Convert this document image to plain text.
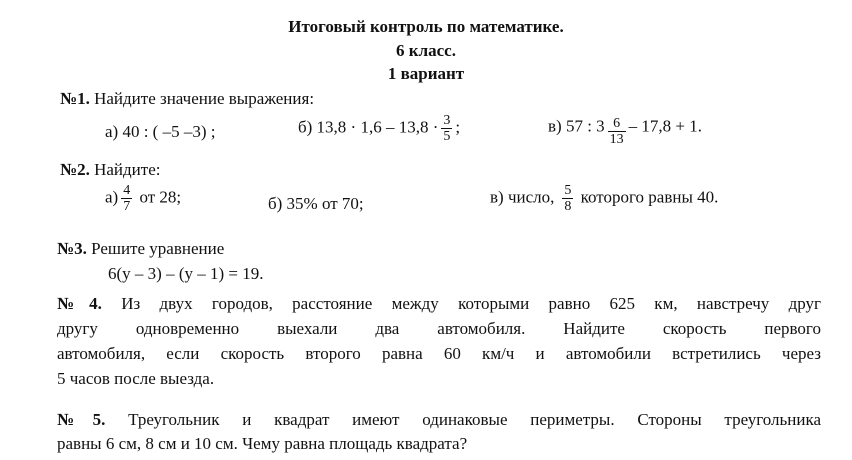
Итоговый контроль по математике.
6 класс.
1 вариант
№1. Найдите значение выражения:
а) 40 : ( –5 –3) ;	б) $13,8 \cdot 1,6 - 13,8 \cdot \frac{3}{5}$ ;	в) 57 : $3 \frac{6}{13} - 17,8 + 1$.
№2. Найдите:
$а) \frac{4}{7}$ от 28;	б) 35% от 70;	в) число, $\frac{5}{8}$ которого равны 40.
№3. Решите уравнение
6(y – 3) – (y – 1) = 19.
№4. Из двух городов, расстояние между которыми равно 625 км, навстречу друг
другу одновременно выехали два автомобиля. Найдите скорость первого
автомобиля, если скорость второго равна 60 км/ч и автомобили встретились через
5 часов после выезда.
№5. Треугольник и квадрат имеют одинаковые периметры. Стороны треугольника
равны 6 см, 8 см и 10 см. Чему равна площадь квадрата?
